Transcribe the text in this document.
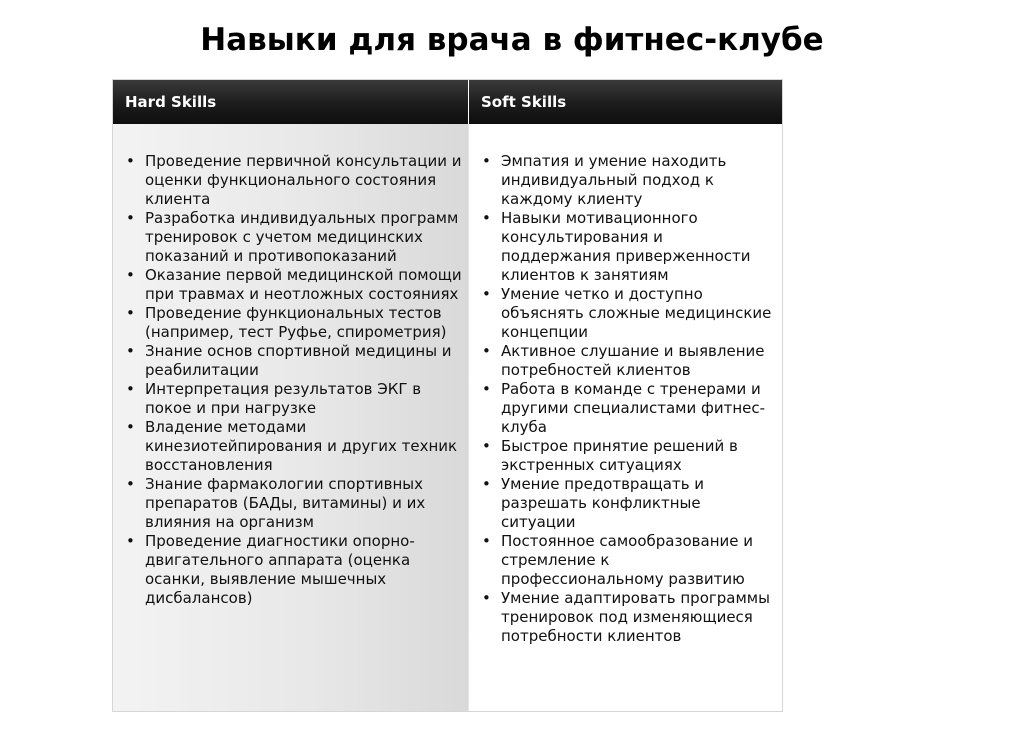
Навыки для врача в фитнес-клубе
Hard Skills	Soft Skills
• Проведение первичной консультации и оценки функционального состояния клиента
• Разработка индивидуальных программ тренировок с учетом медицинских показаний и противопоказаний
• Оказание первой медицинской помощи при травмах и неотложных состояниях
• Проведение функциональных тестов (например, тест Руфье, спирометрия)
• Знание основ спортивной медицины и реабилитации
• Интерпретация результатов ЭКГ в покое и при нагрузке
• Владение методами кинезиотейпирования и других техник восстановления
• Знание фармакологии спортивных препаратов (БАДы, витамины) и их влияния на организм
• Проведение диагностики опорно-двигательного аппарата (оценка осанки, выявление мышечных дисбалансов)
• Эмпатия и умение находить индивидуальный подход к каждому клиенту
• Навыки мотивационного консультирования и поддержания приверженности клиентов к занятиям
• Умение четко и доступно объяснять сложные медицинские концепции
• Активное слушание и выявление потребностей клиентов
• Работа в команде с тренерами и другими специалистами фитнес-клуба
• Быстрое принятие решений в экстренных ситуациях
• Умение предотвращать и разрешать конфликтные ситуации
• Постоянное самообразование и стремление к профессиональному развитию
• Умение адаптировать программы тренировок под изменяющиеся потребности клиентов
